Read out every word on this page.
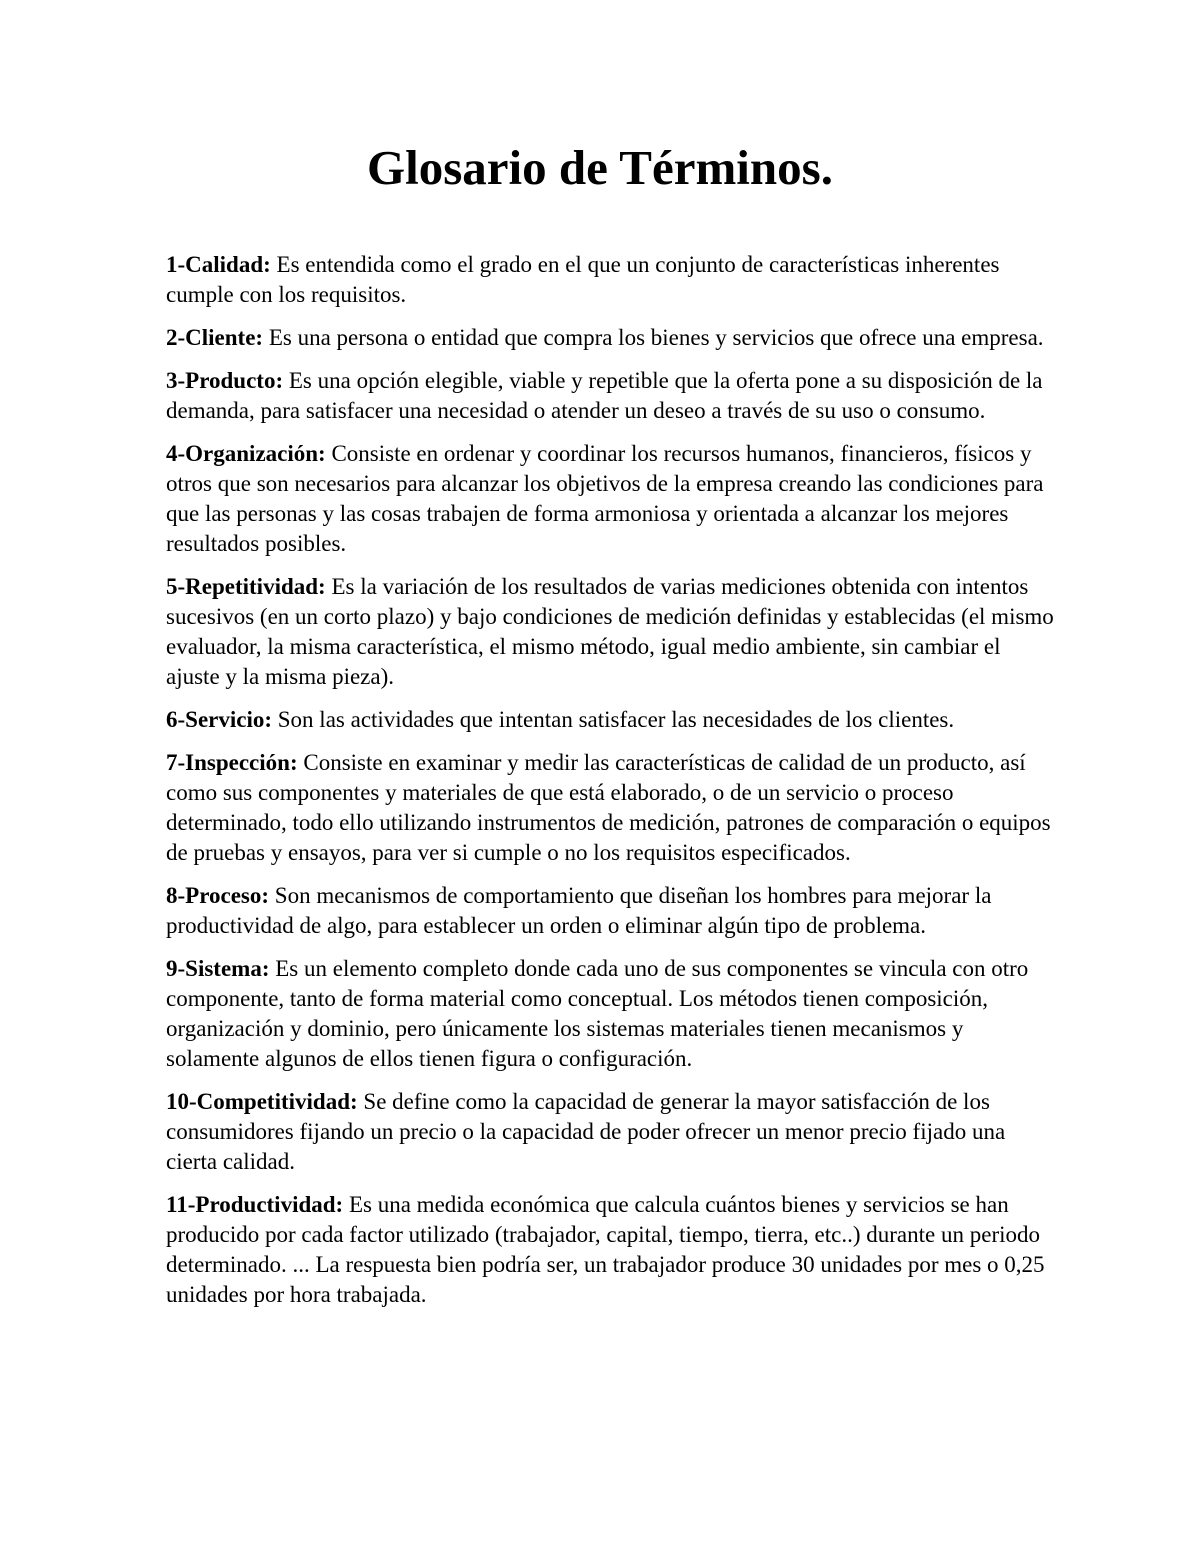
Glosario de Términos.
1-Calidad: Es entendida como el grado en el que un conjunto de características inherentes cumple con los requisitos.
2-Cliente: Es una persona o entidad que compra los bienes y servicios que ofrece una empresa.
3-Producto: Es una opción elegible, viable y repetible que la oferta pone a su disposición de la demanda, para satisfacer una necesidad o atender un deseo a través de su uso o consumo.
4-Organización: Consiste en ordenar y coordinar los recursos humanos, financieros, físicos y otros que son necesarios para alcanzar los objetivos de la empresa creando las condiciones para que las personas y las cosas trabajen de forma armoniosa y orientada a alcanzar los mejores resultados posibles.
5-Repetitividad: Es la variación de los resultados de varias mediciones obtenida con intentos sucesivos (en un corto plazo) y bajo condiciones de medición definidas y establecidas (el mismo evaluador, la misma característica, el mismo método, igual medio ambiente, sin cambiar el ajuste y la misma pieza).
6-Servicio: Son las actividades que intentan satisfacer las necesidades de los clientes.
7-Inspección: Consiste en examinar y medir las características de calidad de un producto, así como sus componentes y materiales de que está elaborado, o de un servicio o proceso determinado, todo ello utilizando instrumentos de medición, patrones de comparación o equipos de pruebas y ensayos, para ver si cumple o no los requisitos especificados.
8-Proceso: Son mecanismos de comportamiento que diseñan los hombres para mejorar la productividad de algo, para establecer un orden o eliminar algún tipo de problema.
9-Sistema: Es un elemento completo donde cada uno de sus componentes se vincula con otro componente, tanto de forma material como conceptual. Los métodos tienen composición, organización y dominio, pero únicamente los sistemas materiales tienen mecanismos y solamente algunos de ellos tienen figura o configuración.
10-Competitividad: Se define como la capacidad de generar la mayor satisfacción de los consumidores fijando un precio o la capacidad de poder ofrecer un menor precio fijado una cierta calidad.
11-Productividad: Es una medida económica que calcula cuántos bienes y servicios se han producido por cada factor utilizado (trabajador, capital, tiempo, tierra, etc..) durante un periodo determinado. ... La respuesta bien podría ser, un trabajador produce 30 unidades por mes o 0,25 unidades por hora trabajada.
